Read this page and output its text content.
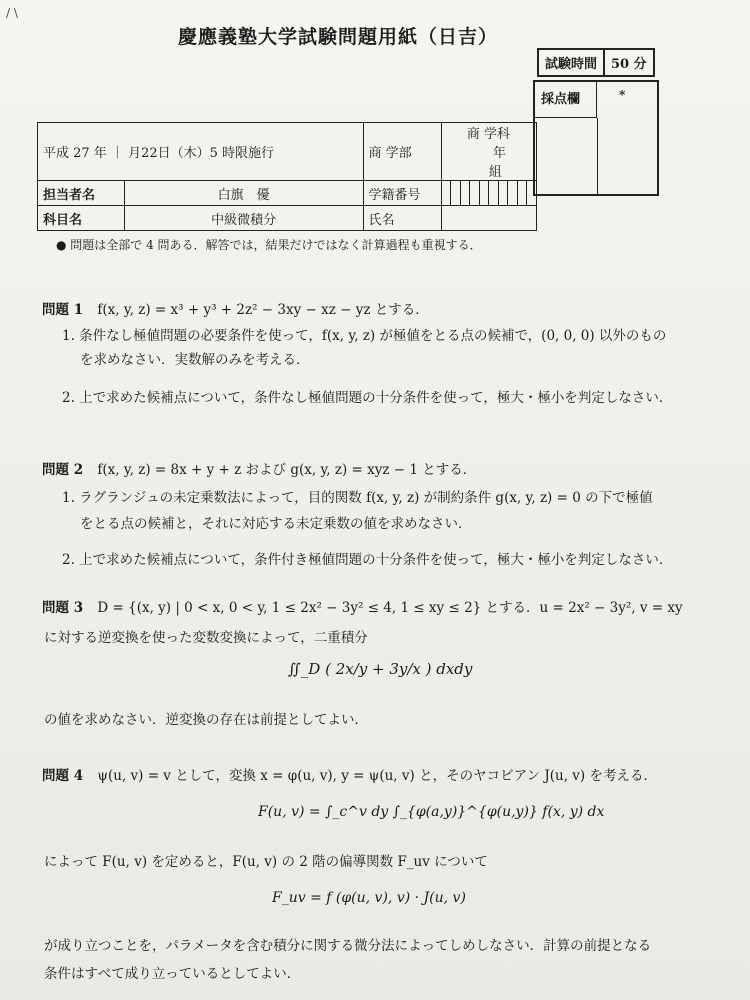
/ \
慶應義塾大学試験問題用紙（日吉）
試験時間	50 分
採点欄	*
平成 27 年 ｜ 月22日（木）5 時限施行		商 学部	商 学科 年 組									
担当者名	白旗　優	学籍番号										
科目名	中級微積分	氏名										
● 問題は全部で 4 問ある．解答では，結果だけではなく計算過程も重視する．
問題 1 f(x, y, z) = x³ + y³ + 2z² − 3xy − xz − yz とする．
1. 条件なし極値問題の必要条件を使って，f(x, y, z) が極値をとる点の候補で，(0, 0, 0) 以外のもの
を求めなさい．実数解のみを考える．
2. 上で求めた候補点について，条件なし極値問題の十分条件を使って，極大・極小を判定しなさい．
問題 2 f(x, y, z) = 8x + y + z および g(x, y, z) = xyz − 1 とする．
1. ラグランジュの未定乗数法によって，目的関数 f(x, y, z) が制約条件 g(x, y, z) = 0 の下で極値
をとる点の候補と，それに対応する未定乗数の値を求めなさい．
2. 上で求めた候補点について，条件付き極値問題の十分条件を使って，極大・極小を判定しなさい．
問題 3 D = {(x, y) | 0 < x, 0 < y, 1 ≤ 2x² − 3y² ≤ 4, 1 ≤ xy ≤ 2} とする．u = 2x² − 3y², v = xy
に対する逆変換を使った変数変換によって，二重積分
∬_D ( 2x/y + 3y/x ) dxdy
の値を求めなさい．逆変換の存在は前提としてよい．
問題 4 ψ(u, v) = v として，変換 x = φ(u, v), y = ψ(u, v) と，そのヤコビアン J(u, v) を考える．
F(u, v) = ∫_c^v dy ∫_{φ(a,y)}^{φ(u,y)} f(x, y) dx
によって F(u, v) を定めると，F(u, v) の 2 階の偏導関数 F_uv について
F_uv = f (φ(u, v), v) · J(u, v)
が成り立つことを，パラメータを含む積分に関する微分法によってしめしなさい．計算の前提となる
条件はすべて成り立っているとしてよい．
